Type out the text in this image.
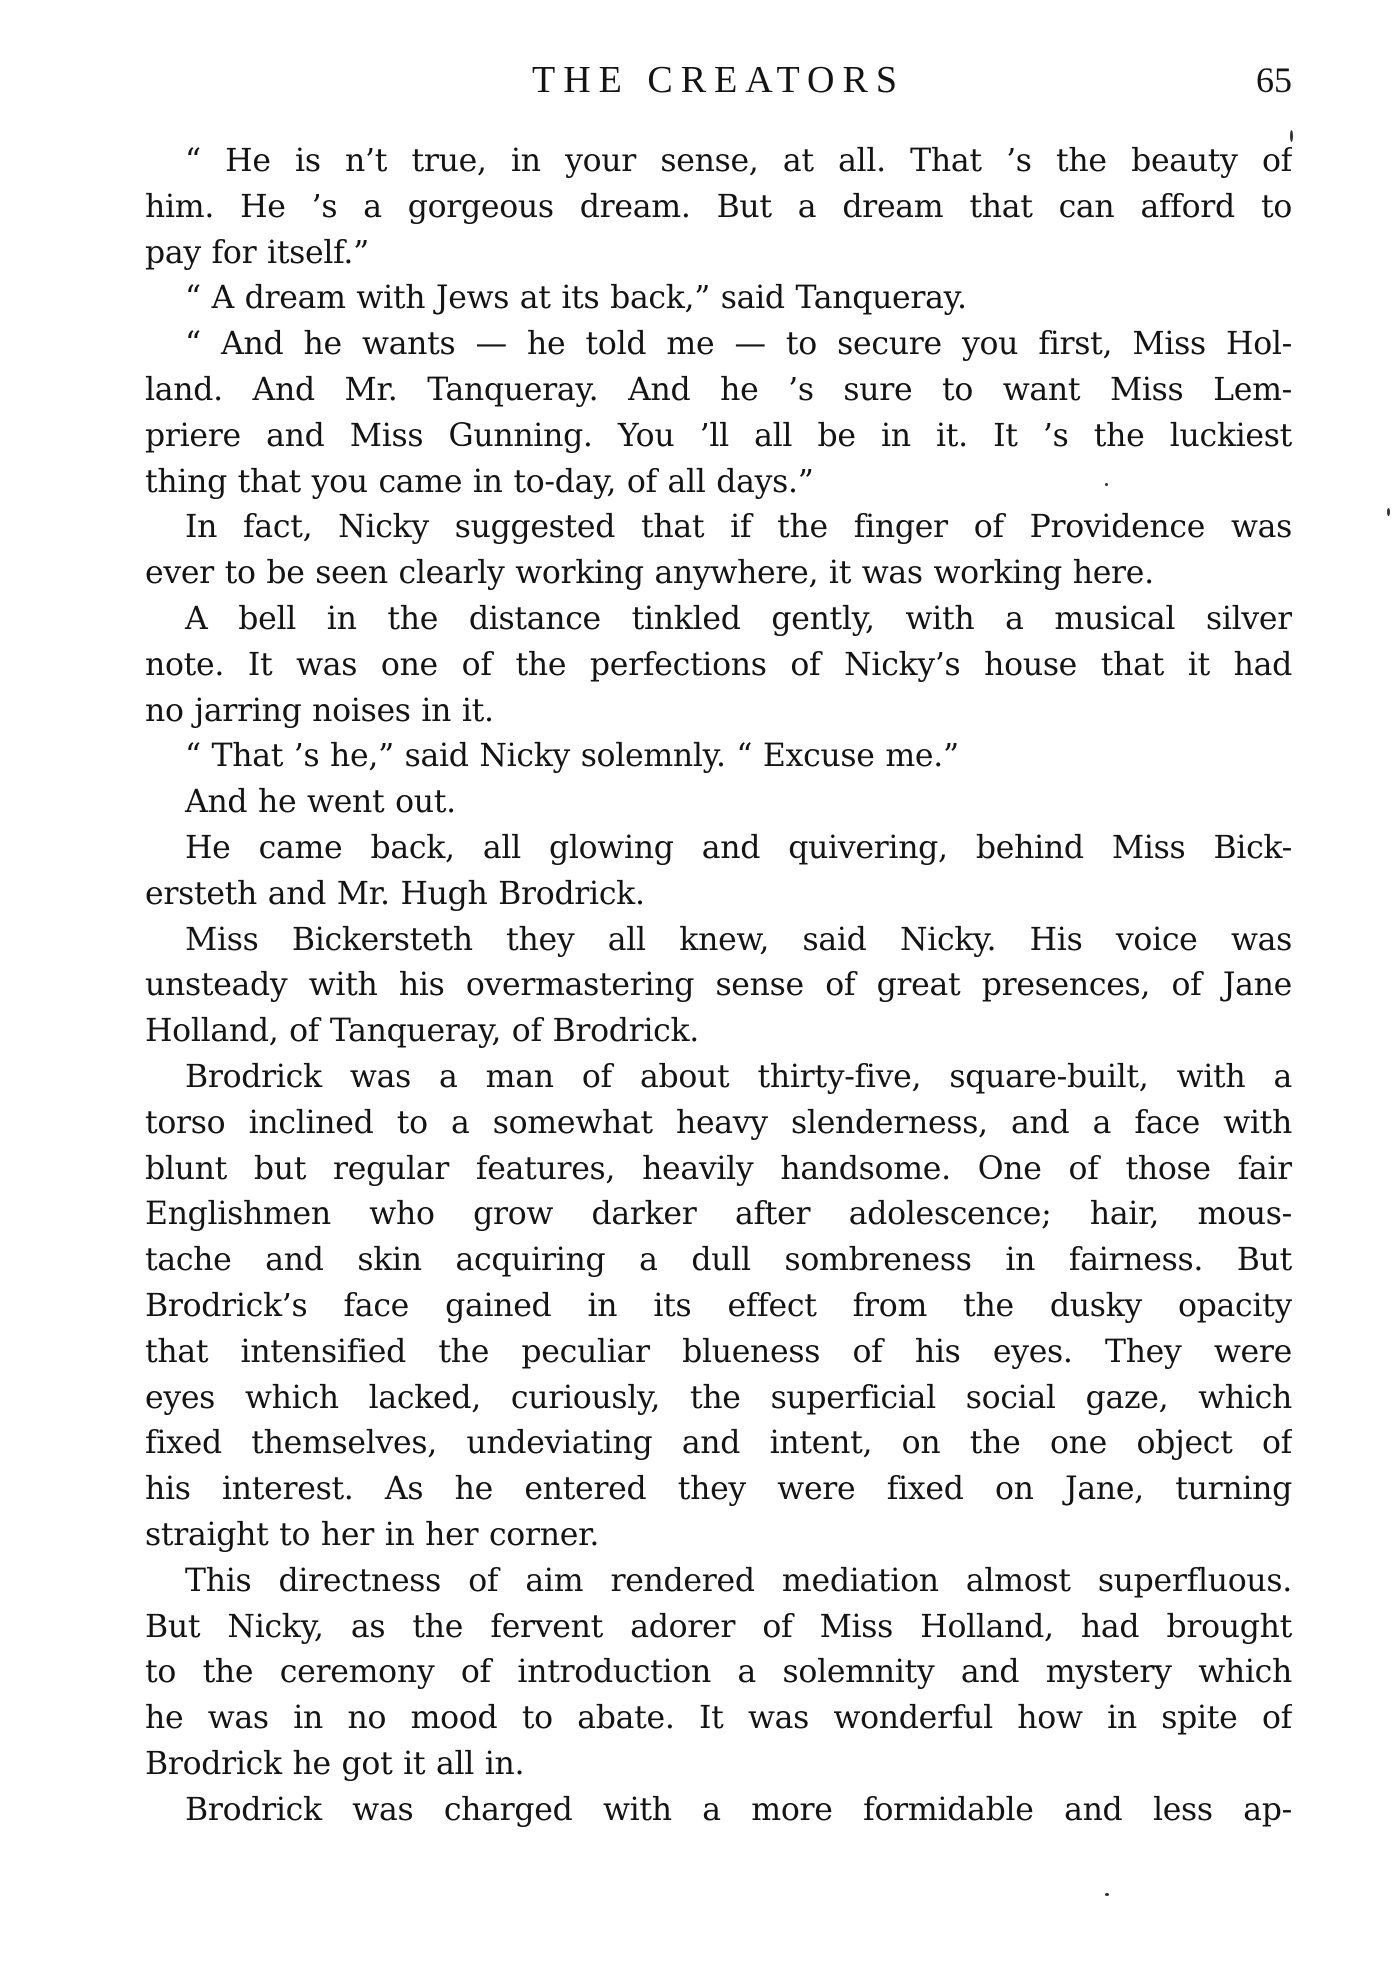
THE CREATORS	65
“ He is n’t true, in your sense, at all. That ’s the beauty of
him. He ’s a gorgeous dream. But a dream that can afford to
pay for itself.”
“ A dream with Jews at its back,” said Tanqueray.
“ And he wants — he told me — to secure you first, Miss Hol-
land. And Mr. Tanqueray. And he ’s sure to want Miss Lem-
priere and Miss Gunning. You ’ll all be in it. It ’s the luckiest
thing that you came in to-day, of all days.”
In fact, Nicky suggested that if the finger of Providence was
ever to be seen clearly working anywhere, it was working here.
A bell in the distance tinkled gently, with a musical silver
note. It was one of the perfections of Nicky’s house that it had
no jarring noises in it.
“ That ’s he,” said Nicky solemnly. “ Excuse me.”
And he went out.
He came back, all glowing and quivering, behind Miss Bick-
ersteth and Mr. Hugh Brodrick.
Miss Bickersteth they all knew, said Nicky. His voice was
unsteady with his overmastering sense of great presences, of Jane
Holland, of Tanqueray, of Brodrick.
Brodrick was a man of about thirty-five, square-built, with a
torso inclined to a somewhat heavy slenderness, and a face with
blunt but regular features, heavily handsome. One of those fair
Englishmen who grow darker after adolescence; hair, mous-
tache and skin acquiring a dull sombreness in fairness. But
Brodrick’s face gained in its effect from the dusky opacity
that intensified the peculiar blueness of his eyes. They were
eyes which lacked, curiously, the superficial social gaze, which
fixed themselves, undeviating and intent, on the one object of
his interest. As he entered they were fixed on Jane, turning
straight to her in her corner.
This directness of aim rendered mediation almost superfluous.
But Nicky, as the fervent adorer of Miss Holland, had brought
to the ceremony of introduction a solemnity and mystery which
he was in no mood to abate. It was wonderful how in spite of
Brodrick he got it all in.
Brodrick was charged with a more formidable and less ap-
